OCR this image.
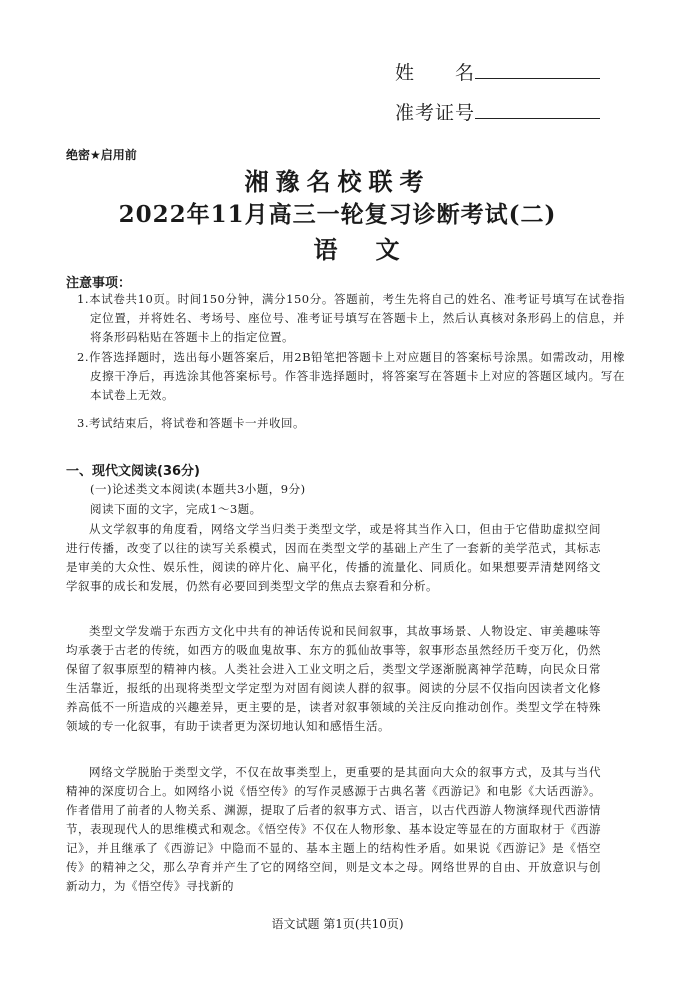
姓　　名
准考证号
绝密★启用前
湘豫名校联考
2022年11月高三一轮复习诊断考试(二)
语文
注意事项：
1.本试卷共10页。时间150分钟，满分150分。答题前，考生先将自己的姓名、准考证号填写在试卷指定位置，并将姓名、考场号、座位号、准考证号填写在答题卡上，然后认真核对条形码上的信息，并将条形码粘贴在答题卡上的指定位置。
2.作答选择题时，选出每小题答案后，用2B铅笔把答题卡上对应题目的答案标号涂黑。如需改动，用橡皮擦干净后，再选涂其他答案标号。作答非选择题时，将答案写在答题卡上对应的答题区域内。写在本试卷上无效。
3.考试结束后，将试卷和答题卡一并收回。
一、现代文阅读(36分)
(一)论述类文本阅读(本题共3小题，9分)
阅读下面的文字，完成1～3题。
从文学叙事的角度看，网络文学当归类于类型文学，或是将其当作入口，但由于它借助虚拟空间进行传播，改变了以往的读写关系模式，因而在类型文学的基础上产生了一套新的美学范式，其标志是审美的大众性、娱乐性，阅读的碎片化、扁平化，传播的流量化、同质化。如果想要弄清楚网络文学叙事的成长和发展，仍然有必要回到类型文学的焦点去察看和分析。
类型文学发端于东西方文化中共有的神话传说和民间叙事，其故事场景、人物设定、审美趣味等均承袭于古老的传统，如西方的吸血鬼故事、东方的狐仙故事等，叙事形态虽然经历千变万化，仍然保留了叙事原型的精神内核。人类社会进入工业文明之后，类型文学逐渐脱离神学范畴，向民众日常生活靠近，报纸的出现将类型文学定型为对固有阅读人群的叙事。阅读的分层不仅指向因读者文化修养高低不一所造成的兴趣差异，更主要的是，读者对叙事领域的关注反向推动创作。类型文学在特殊领域的专一化叙事，有助于读者更为深切地认知和感悟生活。
网络文学脱胎于类型文学，不仅在故事类型上，更重要的是其面向大众的叙事方式，及其与当代精神的深度切合上。如网络小说《悟空传》的写作灵感源于古典名著《西游记》和电影《大话西游》。作者借用了前者的人物关系、渊源，提取了后者的叙事方式、语言，以古代西游人物演绎现代西游情节，表现现代人的思维模式和观念。《悟空传》不仅在人物形象、基本设定等显在的方面取材于《西游记》，并且继承了《西游记》中隐而不显的、基本主题上的结构性矛盾。如果说《西游记》是《悟空传》的精神之父，那么孕育并产生了它的网络空间，则是文本之母。网络世界的自由、开放意识与创新动力，为《悟空传》寻找新的
语文试题 第1页(共10页)
